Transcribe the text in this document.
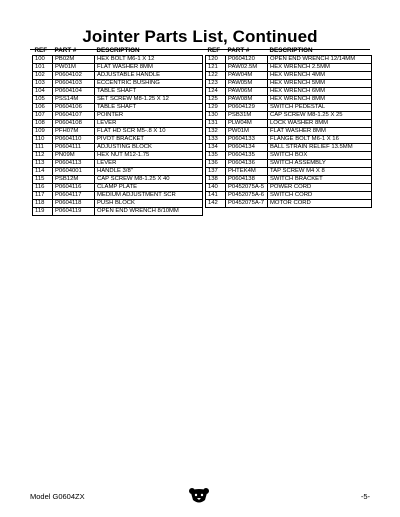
Jointer Parts List, Continued
REF	PART #	DESCRIPTION
100	PB02M	HEX BOLT M6-1 X 12
101	PW01M	FLAT WASHER 8MM
102	P0604102	ADJUSTABLE HANDLE
103	P0604103	ECCENTRIC BUSHING
104	P0604104	TABLE SHAFT
105	PSS14M	SET SCREW M8-1.25 X 12
106	P0604106	TABLE SHAFT
107	P0604107	POINTER
108	P0604108	LEVER
109	PFH07M	FLAT HD SCR M5-.8 X 10
110	P0604110	PIVOT BRACKET
111	P0604111	ADJUSTING BLOCK
112	PN09M	HEX NUT M12-1.75
113	P0604113	LEVER
114	P0604001	HANDLE 3/8"
115	PSB12M	CAP SCREW M8-1.25 X 40
116	P0604116	CLAMP PLATE
117	P0604117	MEDIUM ADJUSTMENT SCR
118	P0604118	PUSH BLOCK
119	P0604119	OPEN END WRENCH 8/10MM
REF	PART #	DESCRIPTION
120	P0604120	OPEN END WRENCH 12/14MM
121	PAW02.5M	HEX WRENCH 2.5MM
122	PAW04M	HEX WRENCH 4MM
123	PAW05M	HEX WRENCH 5MM
124	PAW06M	HEX WRENCH 6MM
125	PAW08M	HEX WRENCH 8MM
129	P0604129	SWITCH PEDESTAL
130	PSB31M	CAP SCREW M8-1.25 X 25
131	PLW04M	LOCK WASHER 8MM
132	PW01M	FLAT WASHER 8MM
133	P0604133	FLANGE BOLT M6-1 X 16
134	P0604134	BALL STRAIN RELIEF 13.5MM
135	P0604135	SWITCH BOX
136	P0604136	SWITCH ASSEMBLY
137	PHTEK4M	TAP SCREW M4 X 8
138	P0604138	SWITCH BRACKET
140	P0452075A-5	POWER CORD
141	P0452075A-6	SWITCH CORD
142	P0452075A-7	MOTOR CORD
Model G0604ZX	-5-
